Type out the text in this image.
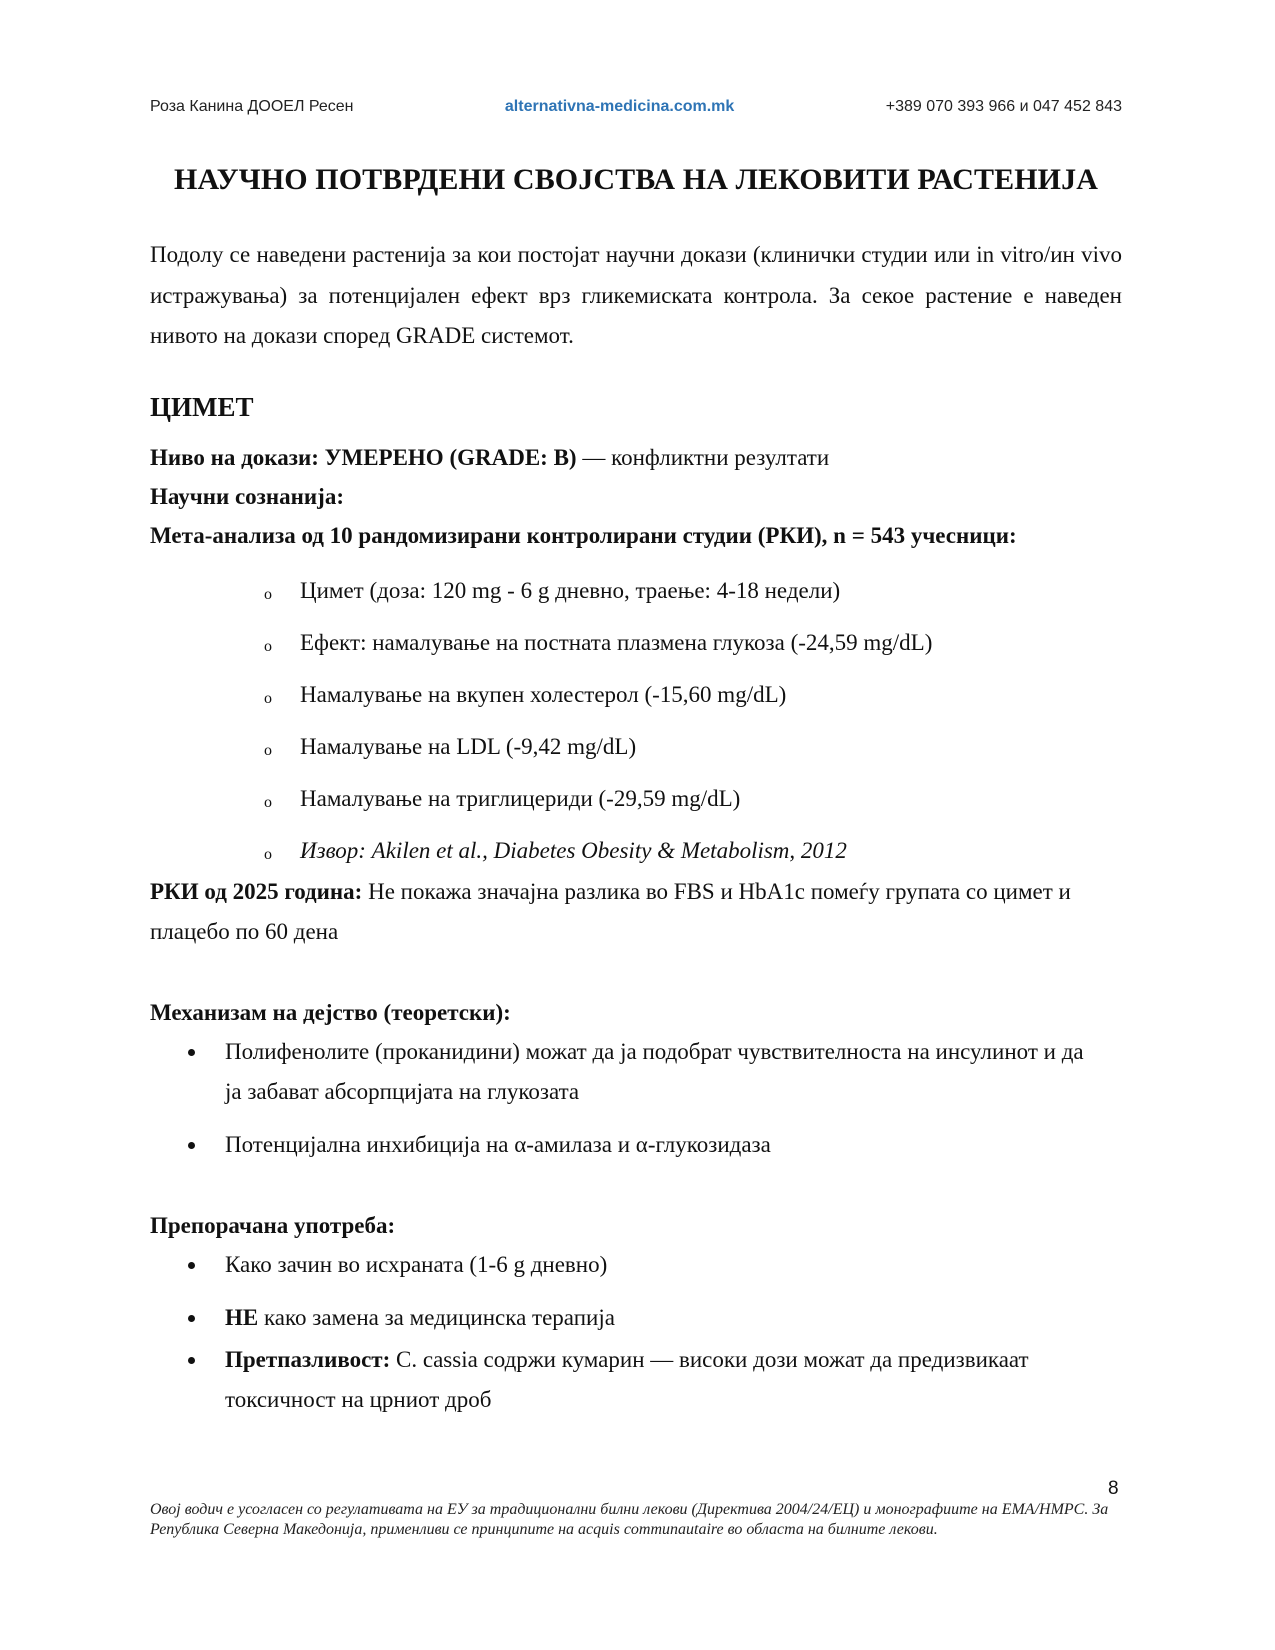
Роза Канина ДООЕЛ Ресен	alternativna-medicina.com.mk	+389 070 393 966 и 047 452 843
НАУЧНО ПОТВРДЕНИ СВОЈСТВА НА ЛЕКОВИТИ РАСТЕНИЈА

Подолу се наведени растенија за кои постојат научни докази (клинички студии или in vitro/ин vivo истражувања) за потенцијален ефект врз гликемиската контрола. За секое растение е наведен нивото на докази според GRADE системот.

ЦИМЕТ
Ниво на докази: УМЕРЕНО (GRADE: B) — конфликтни резултати
Научни сознанија:
Мета-анализа од 10 рандомизирани контролирани студии (РКИ), n = 543 учесници:
o Цимет (доза: 120 mg - 6 g дневно, траење: 4-18 недели)
o Ефект: намалување на постната плазмена глукоза (-24,59 mg/dL)
o Намалување на вкупен холестерол (-15,60 mg/dL)
o Намалување на LDL (-9,42 mg/dL)
o Намалување на триглицериди (-29,59 mg/dL)
o Извор: Akilen et al., Diabetes Obesity & Metabolism, 2012
РКИ од 2025 година: Не покажа значајна разлика во FBS и HbA1c помеѓу групата со цимет и плацебо по 60 дена
Механизам на дејство (теоретски):
Полифенолите (проканидини) можат да ја подобрат чувствителноста на инсулинот и да ја забават абсорпцијата на глукозата
Потенцијална инхибиција на α-амилаза и α-глукозидаза
Препорачана употреба:
Како зачин во исхраната (1-6 g дневно)
НЕ како замена за медицинска терапија
Претпазливост: C. cassia содржи кумарин — високи дози можат да предизвикаат токсичност на црниот дроб
8

Овој водич е усогласен со регулативата на ЕУ за традиционални билни лекови (Директива 2004/24/ЕЦ) и монографиите на EMA/HMPC. За Република Северна Македонија, применливи се принципите на acquis communautaire во областа на билните лекови.
